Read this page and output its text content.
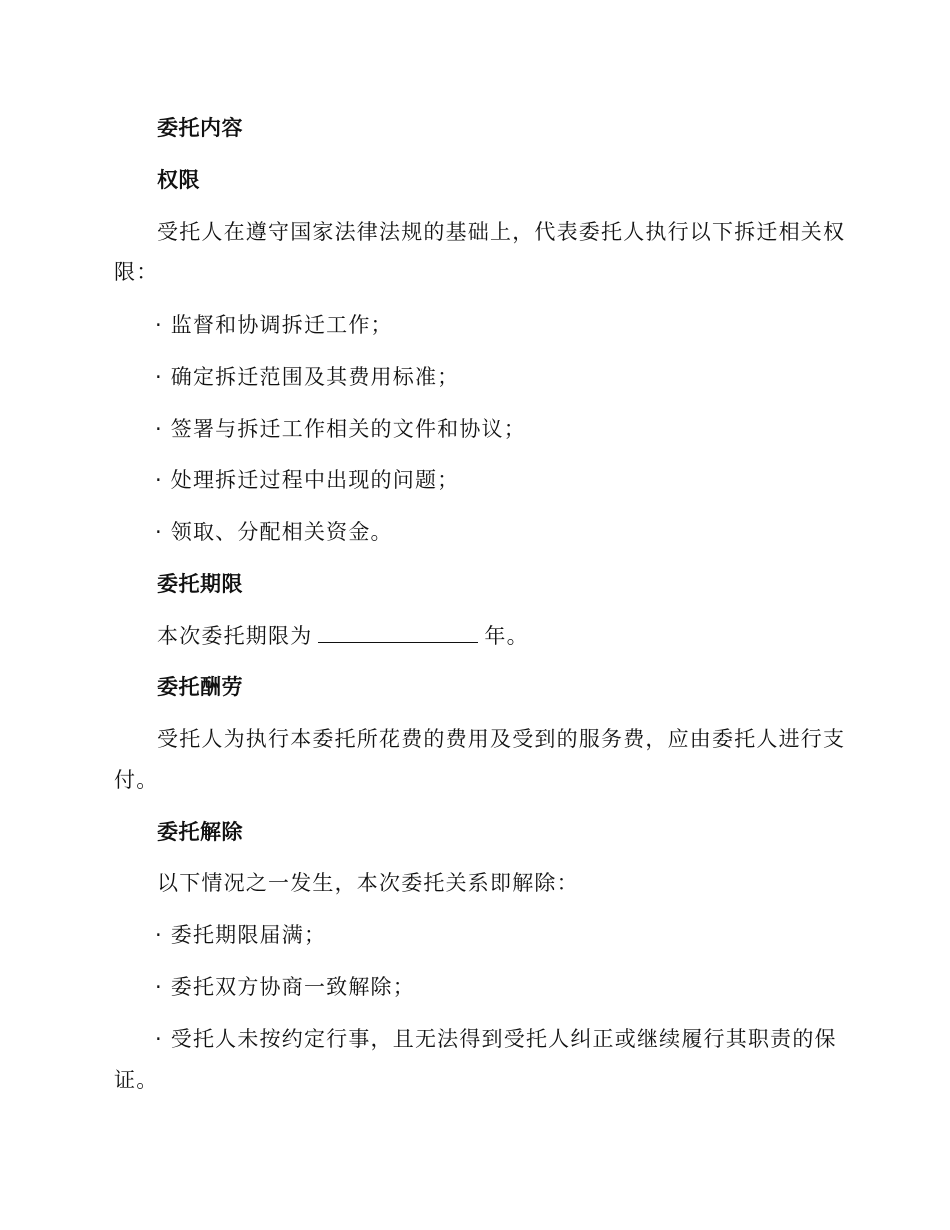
委托内容
权限
受托人在遵守国家法律法规的基础上，代表委托人执行以下拆迁相关权
限：
· 监督和协调拆迁工作；
· 确定拆迁范围及其费用标准；
· 签署与拆迁工作相关的文件和协议；
· 处理拆迁过程中出现的问题；
· 领取、分配相关资金。
委托期限
本次委托期限为	年。
委托酬劳
受托人为执行本委托所花费的费用及受到的服务费，应由委托人进行支
付。
委托解除
以下情况之一发生，本次委托关系即解除：
· 委托期限届满；
· 委托双方协商一致解除；
· 受托人未按约定行事，且无法得到受托人纠正或继续履行其职责的保
证。
